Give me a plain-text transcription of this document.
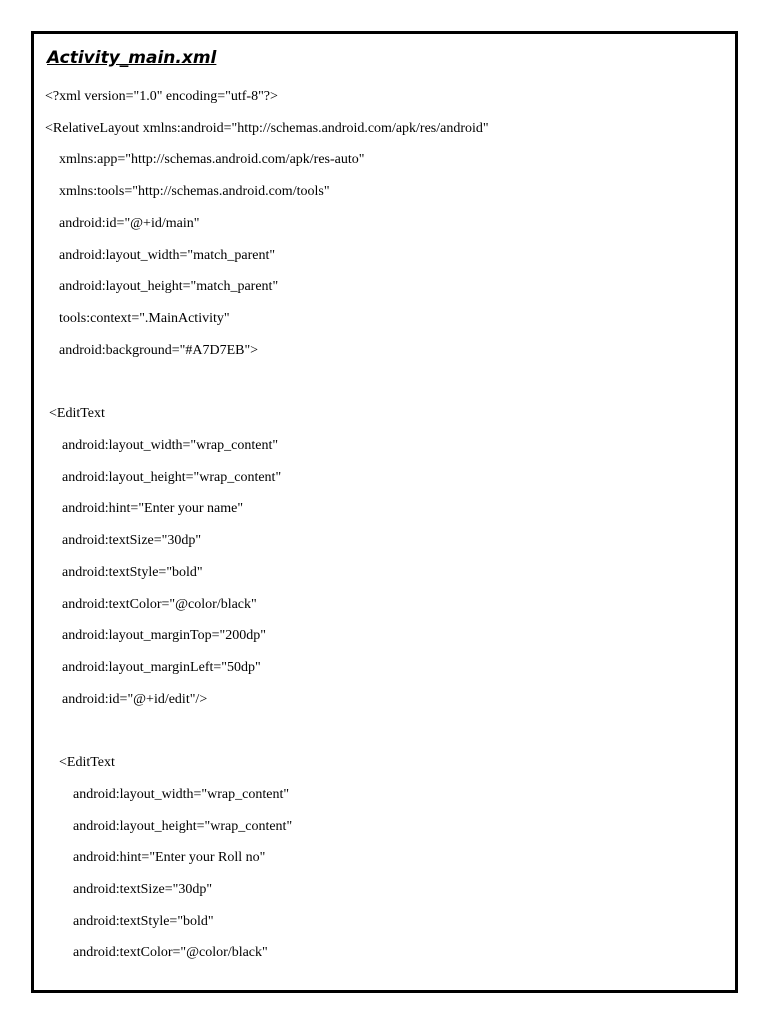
Activity_main.xml
<?xml version="1.0" encoding="utf-8"?>
<RelativeLayout xmlns:android="http://schemas.android.com/apk/res/android"
xmlns:app="http://schemas.android.com/apk/res-auto"
xmlns:tools="http://schemas.android.com/tools"
android:id="@+id/main"
android:layout_width="match_parent"
android:layout_height="match_parent"
tools:context=".MainActivity"
android:background="#A7D7EB">
<EditText
android:layout_width="wrap_content"
android:layout_height="wrap_content"
android:hint="Enter your name"
android:textSize="30dp"
android:textStyle="bold"
android:textColor="@color/black"
android:layout_marginTop="200dp"
android:layout_marginLeft="50dp"
android:id="@+id/edit"/>
<EditText
android:layout_width="wrap_content"
android:layout_height="wrap_content"
android:hint="Enter your Roll no"
android:textSize="30dp"
android:textStyle="bold"
android:textColor="@color/black"
